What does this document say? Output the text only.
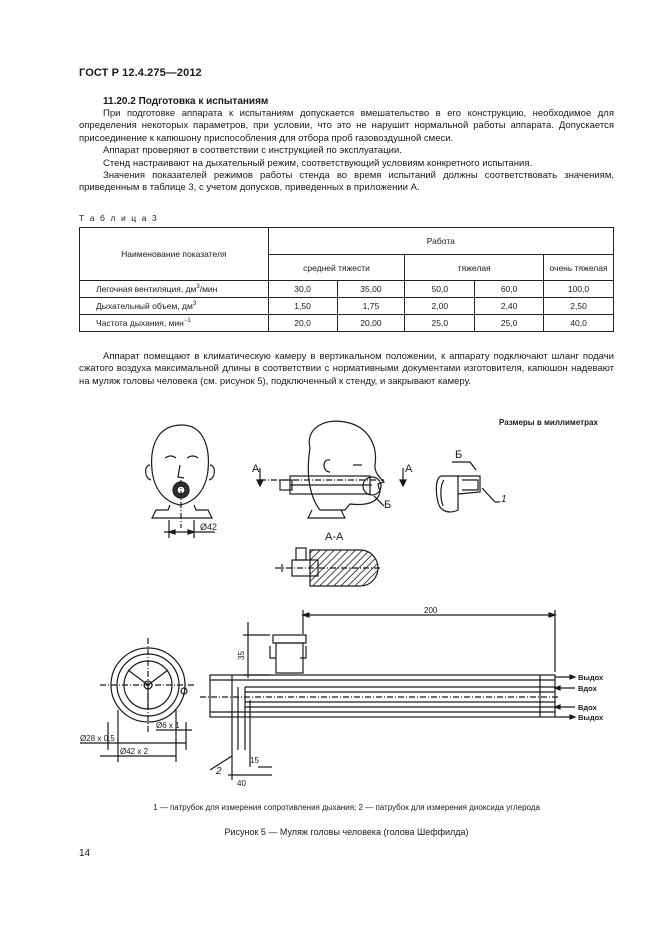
ГОСТ Р 12.4.275—2012
11.20.2 Подготовка к испытаниям

При подготовке аппарата к испытаниям допускается вмешательство в его конструкцию, необходимое для определения некоторых параметров, при условии, что это не нарушит нормальной работы аппарата. Допускается присоединение к капюшону приспособления для отбора проб газовоздушной смеси.

Аппарат проверяют в соответствии с инструкцией по эксплуатации.

Стенд настраивают на дыхательный режим, соответствующий условиям конкретного испытания.

Значения показателей режимов работы стенда во время испытаний должны соответствовать значениям, приведенным в таблице 3, с учетом допусков, приведенных в приложении А.

Т а б л и ц а 3
Наименование показателя	Работа				
	средней тяжести		тяжелая		очень тяжелая
Легочная вентиляция, $дм^3$/мин	30,0	35,00	50,0	60,0	100,0
Дыхательный объем, $дм^3$	1,50	1,75	2,00	2,40	2,50
Частота дыхания, мин$^{-1}$	20,0	20,00	25,0	25,0	40,0

Аппарат помещают в климатическую камеру в вертикальном положении, к аппарату подключают шланг подачи сжатого воздуха максимальной длины в соответствии с нормативными документами изготовителя, капюшон надевают на муляж головы человека (см. рисунок 5), подключенный к стенду, и закрывают камеру.

Размеры в миллиметрах
Ø42
А	А
Б
Б
1
А-А
200
35
Ø6 x 1
Ø28 x 0,5
Ø42 x 2
15
40
2
Выдох
Вдох
Вдох
Выдох
1 — патрубок для измерения сопротивления дыхания; 2 — патрубок для измерения диоксида углерода
Рисунок 5 — Муляж головы человека (голова Шеффилда)
14
